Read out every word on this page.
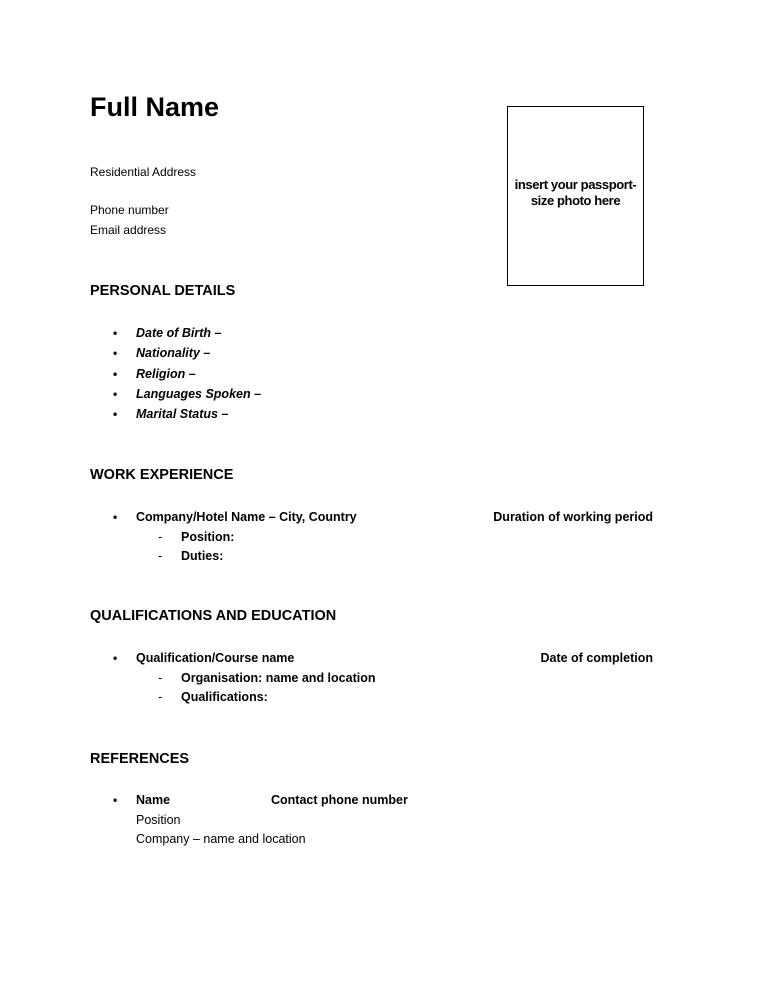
Full Name
Residential Address
Phone number
Email address
insert your passport-size photo here
PERSONAL DETAILS
• Date of Birth –
• Nationality –
• Religion –
• Languages Spoken –
• Marital Status –
WORK EXPERIENCE
• Company/Hotel Name – City, Country	Duration of working period
- Position:
- Duties:
QUALIFICATIONS AND EDUCATION
• Qualification/Course name	Date of completion
- Organisation: name and location
- Qualifications:
REFERENCES
• Name	Contact phone number
Position
Company – name and location
